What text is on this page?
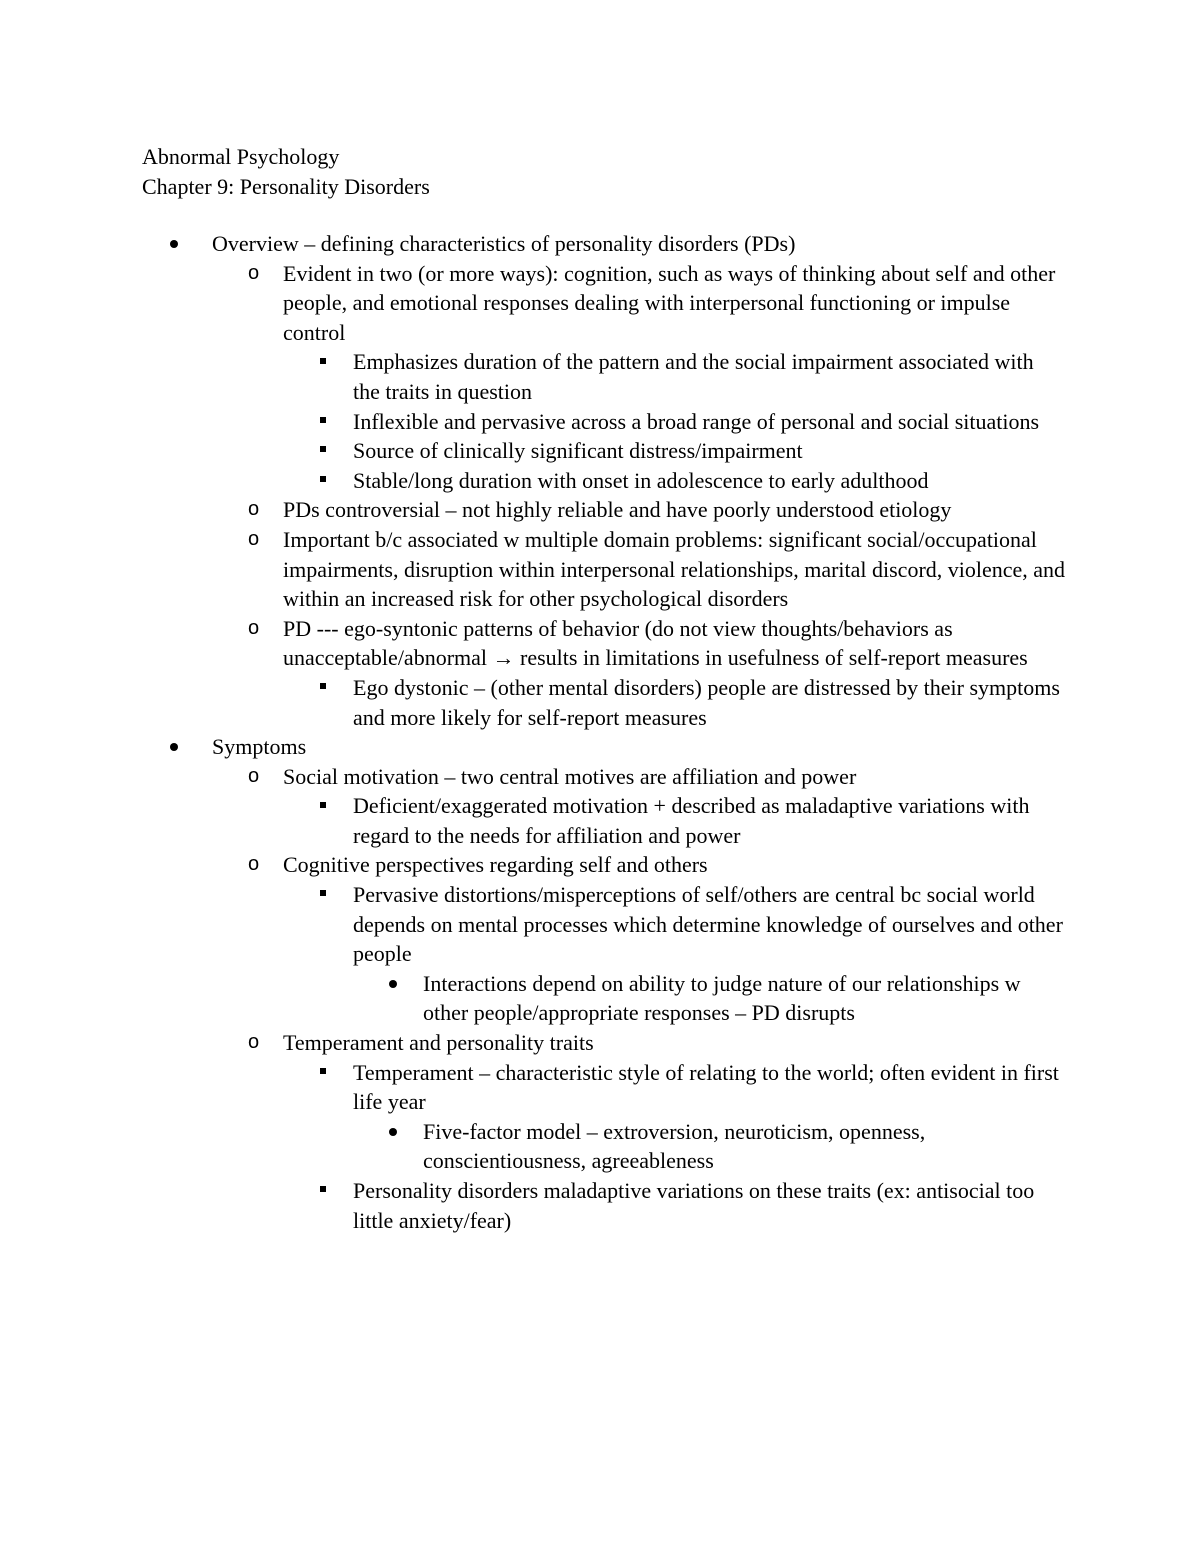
Abnormal Psychology
Chapter 9: Personality Disorders
Overview – defining characteristics of personality disorders (PDs)
o Evident in two (or more ways): cognition, such as ways of thinking about self and other people, and emotional responses dealing with interpersonal functioning or impulse control
Emphasizes duration of the pattern and the social impairment associated with the traits in question
Inflexible and pervasive across a broad range of personal and social situations
Source of clinically significant distress/impairment
Stable/long duration with onset in adolescence to early adulthood
o PDs controversial – not highly reliable and have poorly understood etiology
o Important b/c associated w multiple domain problems: significant social/occupational impairments, disruption within interpersonal relationships, marital discord, violence, and within an increased risk for other psychological disorders
o PD --- ego-syntonic patterns of behavior (do not view thoughts/behaviors as unacceptable/abnormal → results in limitations in usefulness of self-report measures
Ego dystonic – (other mental disorders) people are distressed by their symptoms and more likely for self-report measures
Symptoms
o Social motivation – two central motives are affiliation and power
Deficient/exaggerated motivation + described as maladaptive variations with regard to the needs for affiliation and power
o Cognitive perspectives regarding self and others
Pervasive distortions/misperceptions of self/others are central bc social world depends on mental processes which determine knowledge of ourselves and other people
Interactions depend on ability to judge nature of our relationships w other people/appropriate responses – PD disrupts
o Temperament and personality traits
Temperament – characteristic style of relating to the world; often evident in first life year
Five-factor model – extroversion, neuroticism, openness, conscientiousness, agreeableness
Personality disorders maladaptive variations on these traits (ex: antisocial too little anxiety/fear)
